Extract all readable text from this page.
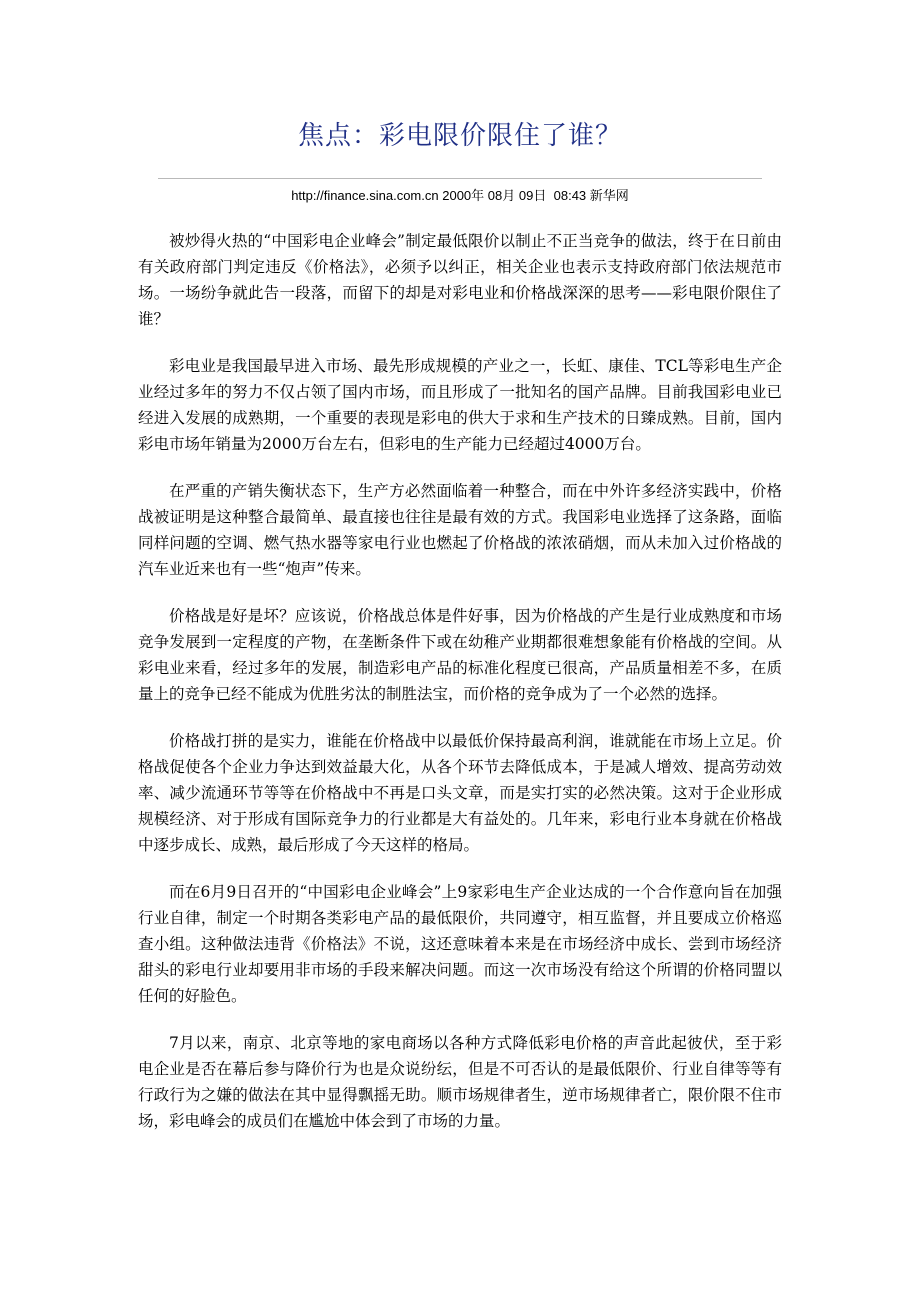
焦点：彩电限价限住了谁？
http://finance.sina.com.cn 2000年 08月 09日 08:43 新华网

被炒得火热的“中国彩电企业峰会”制定最低限价以制止不正当竞争的做法，终于在日前由有关政府部门判定违反《价格法》，必须予以纠正，相关企业也表示支持政府部门依法规范市场。一场纷争就此告一段落，而留下的却是对彩电业和价格战深深的思考——彩电限价限住了谁？

彩电业是我国最早进入市场、最先形成规模的产业之一，长虹、康佳、TCL等彩电生产企业经过多年的努力不仅占领了国内市场，而且形成了一批知名的国产品牌。目前我国彩电业已经进入发展的成熟期，一个重要的表现是彩电的供大于求和生产技术的日臻成熟。目前，国内彩电市场年销量为2000万台左右，但彩电的生产能力已经超过4000万台。

在严重的产销失衡状态下，生产方必然面临着一种整合，而在中外许多经济实践中，价格战被证明是这种整合最简单、最直接也往往是最有效的方式。我国彩电业选择了这条路，面临同样问题的空调、燃气热水器等家电行业也燃起了价格战的浓浓硝烟，而从未加入过价格战的汽车业近来也有一些“炮声”传来。

价格战是好是坏？应该说，价格战总体是件好事，因为价格战的产生是行业成熟度和市场竞争发展到一定程度的产物，在垄断条件下或在幼稚产业期都很难想象能有价格战的空间。从彩电业来看，经过多年的发展，制造彩电产品的标准化程度已很高，产品质量相差不多，在质量上的竞争已经不能成为优胜劣汰的制胜法宝，而价格的竞争成为了一个必然的选择。

价格战打拼的是实力，谁能在价格战中以最低价保持最高利润，谁就能在市场上立足。价格战促使各个企业力争达到效益最大化，从各个环节去降低成本，于是减人增效、提高劳动效率、减少流通环节等等在价格战中不再是口头文章，而是实打实的必然决策。这对于企业形成规模经济、对于形成有国际竞争力的行业都是大有益处的。几年来，彩电行业本身就在价格战中逐步成长、成熟，最后形成了今天这样的格局。

而在6月9日召开的“中国彩电企业峰会”上9家彩电生产企业达成的一个合作意向旨在加强行业自律，制定一个时期各类彩电产品的最低限价，共同遵守，相互监督，并且要成立价格巡查小组。这种做法违背《价格法》不说，这还意味着本来是在市场经济中成长、尝到市场经济甜头的彩电行业却要用非市场的手段来解决问题。而这一次市场没有给这个所谓的价格同盟以任何的好脸色。

7月以来，南京、北京等地的家电商场以各种方式降低彩电价格的声音此起彼伏，至于彩电企业是否在幕后参与降价行为也是众说纷纭，但是不可否认的是最低限价、行业自律等等有行政行为之嫌的做法在其中显得飘摇无助。顺市场规律者生，逆市场规律者亡，限价限不住市场，彩电峰会的成员们在尴尬中体会到了市场的力量。
